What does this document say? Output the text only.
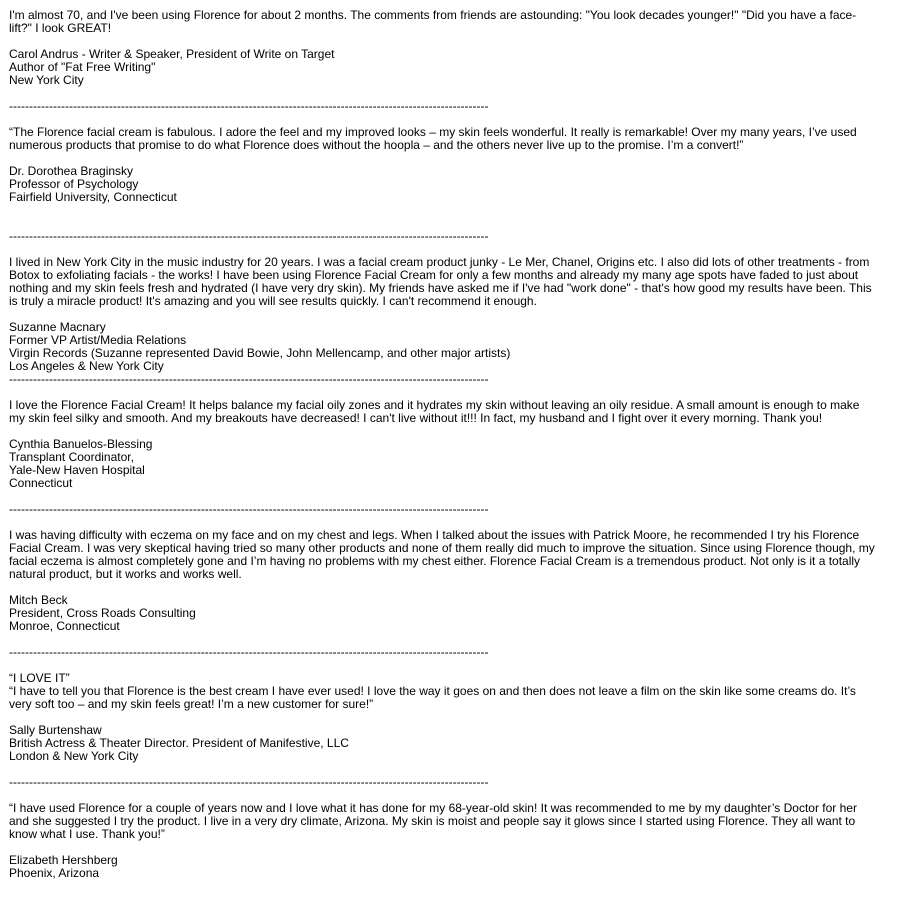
I'm almost 70, and I've been using Florence for about 2 months. The comments from friends are astounding: "You look decades younger!" "Did you have a face-lift?" I look GREAT!

Carol Andrus - Writer & Speaker, President of Write on Target
Author of "Fat Free Writing"
New York City
------------------------------------------------------------------------------------------------------------------------

“The Florence facial cream is fabulous. I adore the feel and my improved looks – my skin feels wonderful. It really is remarkable! Over my many years, I’ve used numerous products that promise to do what Florence does without the hoopla – and the others never live up to the promise. I’m a convert!”

Dr. Dorothea Braginsky
Professor of Psychology
Fairfield University, Connecticut
------------------------------------------------------------------------------------------------------------------------

I lived in New York City in the music industry for 20 years. I was a facial cream product junky - Le Mer, Chanel, Origins etc. I also did lots of other treatments - from Botox to exfoliating facials - the works! I have been using Florence Facial Cream for only a few months and already my many age spots have faded to just about nothing and my skin feels fresh and hydrated (I have very dry skin). My friends have asked me if I've had "work done" - that's how good my results have been. This is truly a miracle product! It's amazing and you will see results quickly. I can't recommend it enough.

Suzanne Macnary
Former VP Artist/Media Relations
Virgin Records (Suzanne represented David Bowie, John Mellencamp, and other major artists)
Los Angeles & New York City
------------------------------------------------------------------------------------------------------------------------

I love the Florence Facial Cream! It helps balance my facial oily zones and it hydrates my skin without leaving an oily residue. A small amount is enough to make my skin feel silky and smooth. And my breakouts have decreased! I can't live without it!!! In fact, my husband and I fight over it every morning. Thank you!

Cynthia Banuelos-Blessing
Transplant Coordinator,
Yale-New Haven Hospital
Connecticut
------------------------------------------------------------------------------------------------------------------------

I was having difficulty with eczema on my face and on my chest and legs. When I talked about the issues with Patrick Moore, he recommended I try his Florence Facial Cream. I was very skeptical having tried so many other products and none of them really did much to improve the situation. Since using Florence though, my facial eczema is almost completely gone and I’m having no problems with my chest either. Florence Facial Cream is a tremendous product. Not only is it a totally natural product, but it works and works well.

Mitch Beck
President, Cross Roads Consulting
Monroe, Connecticut
------------------------------------------------------------------------------------------------------------------------
“I LOVE IT”

“I have to tell you that Florence is the best cream I have ever used! I love the way it goes on and then does not leave a film on the skin like some creams do. It’s very soft too – and my skin feels great! I’m a new customer for sure!”

Sally Burtenshaw
British Actress & Theater Director. President of Manifestive, LLC
London & New York City
------------------------------------------------------------------------------------------------------------------------

“I have used Florence for a couple of years now and I love what it has done for my 68-year-old skin! It was recommended to me by my daughter’s Doctor for her and she suggested I try the product. I live in a very dry climate, Arizona. My skin is moist and people say it glows since I started using Florence. They all want to know what I use. Thank you!”

Elizabeth Hershberg
Phoenix, Arizona
